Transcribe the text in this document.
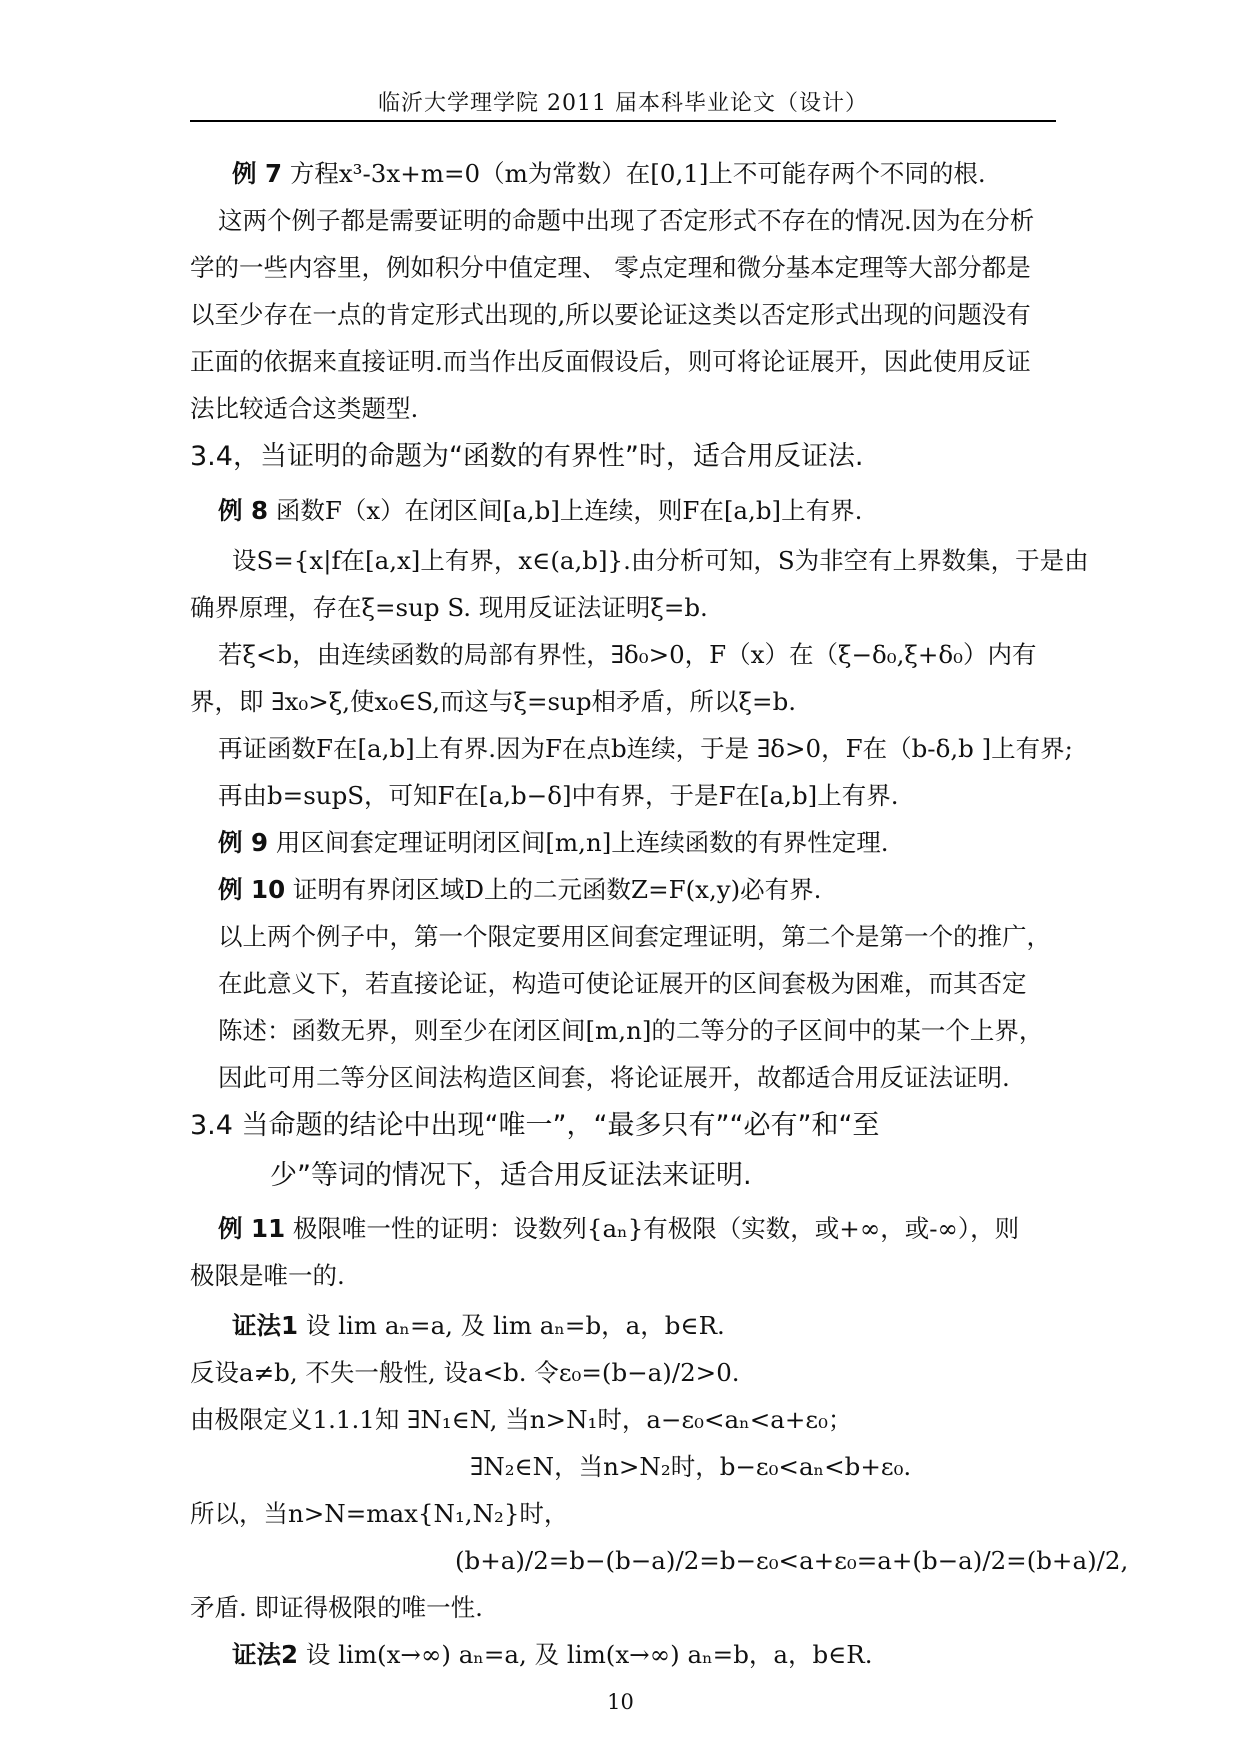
临沂大学理学院 2011 届本科毕业论文（设计）
例 7 方程x³-3x+m=0（m为常数）在[0,1]上不可能存两个不同的根.
这两个例子都是需要证明的命题中出现了否定形式不存在的情况.因为在分析
学的一些内容里，例如积分中值定理、 零点定理和微分基本定理等大部分都是
以至少存在一点的肯定形式出现的,所以要论证这类以否定形式出现的问题没有
正面的依据来直接证明.而当作出反面假设后，则可将论证展开，因此使用反证
法比较适合这类题型.
3.4，当证明的命题为“函数的有界性”时，适合用反证法.
例 8 函数F（x）在闭区间[a,b]上连续，则F在[a,b]上有界.
设S={x|f在[a,x]上有界，x∈(a,b]}.由分析可知，S为非空有上界数集，于是由
确界原理，存在ξ=sup S. 现用反证法证明ξ=b.
若ξ<b，由连续函数的局部有界性，∃δ₀>0，F（x）在（ξ−δ₀,ξ+δ₀）内有
界，即 ∃x₀>ξ,使x₀∈S,而这与ξ=sup相矛盾，所以ξ=b.
再证函数F在[a,b]上有界.因为F在点b连续，于是 ∃δ>0，F在（b-δ,b ]上有界;
再由b=supS，可知F在[a,b−δ]中有界，于是F在[a,b]上有界.
例 9 用区间套定理证明闭区间[m,n]上连续函数的有界性定理.
例 10 证明有界闭区域D上的二元函数Z=F(x,y)必有界.
以上两个例子中，第一个限定要用区间套定理证明，第二个是第一个的推广，
在此意义下，若直接论证，构造可使论证展开的区间套极为困难，而其否定
陈述：函数无界，则至少在闭区间[m,n]的二等分的子区间中的某一个上界，
因此可用二等分区间法构造区间套，将论证展开，故都适合用反证法证明.
3.4 当命题的结论中出现“唯一”，“最多只有”“必有”和“至
少”等词的情况下，适合用反证法来证明.
例 11 极限唯一性的证明：设数列{aₙ}有极限（实数，或+∞，或-∞），则
极限是唯一的.
证法1 设 lim aₙ=a, 及 lim aₙ=b，a，b∈R.
反设a≠b, 不失一般性, 设a<b. 令ε₀=(b−a)/2>0.
由极限定义1.1.1知 ∃N₁∈N, 当n>N₁时，a−ε₀<aₙ<a+ε₀；
∃N₂∈N，当n>N₂时，b−ε₀<aₙ<b+ε₀.
所以，当n>N=max{N₁,N₂}时，
(b+a)/2=b−(b−a)/2=b−ε₀<a+ε₀=a+(b−a)/2=(b+a)/2,
矛盾. 即证得极限的唯一性.
证法2 设 lim(x→∞) aₙ=a, 及 lim(x→∞) aₙ=b，a，b∈R.
10
